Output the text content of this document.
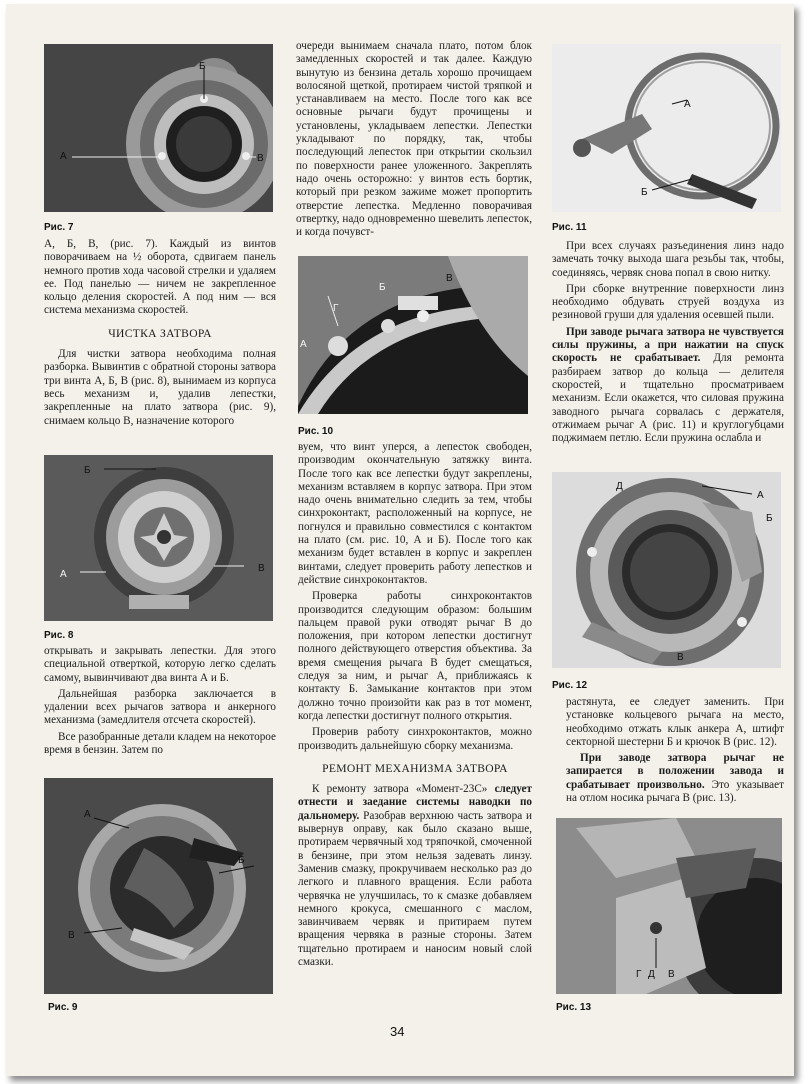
А
Б
В
Рис. 7

А, Б, В, (рис. 7). Каждый из винтов поворачиваем на ½ оборота, сдвигаем панель немного против хода часовой стрелки и удаляем ее. Под панелью — ничем не закрепленное кольцо деления скоростей. А под ним — вся система механизма скоростей.

ЧИСТКА ЗАТВОРА

Для чистки затвора необходима полная разборка. Вывинтив с обратной стороны затвора три винта А, Б, В (рис. 8), вынимаем из корпуса весь механизм и, удалив лепестки, закрепленные на плато затвора (рис. 9), снимаем кольцо В, назначение которого

Б
А
В
Рис. 8

открывать и закрывать лепестки. Для этого специальной отверткой, которую легко сделать самому, вывинчивают два винта А и Б.

Дальнейшая разборка заключается в удалении всех рычагов затвора и анкерного механизма (замедлителя отсчета скоростей).

Все разобранные детали кладем на некоторое время в бензин. Затем по

А
Б
В
Рис. 9

очереди вынимаем сначала плато, потом блок замедленных скоростей и так далее. Каждую вынутую из бензина деталь хорошо прочищаем волосяной щеткой, протираем чистой тряпкой и устанавливаем на место. После того как все основные рычаги будут прочищены и установлены, укладываем лепестки. Лепестки укладывают по порядку, так, чтобы последующий лепесток при открытии скользил по поверхности ранее уложенного. Закреплять надо очень осторожно: у винтов есть бортик, который при резком зажиме может пропортить отверстие лепестка. Медленно поворачивая отвертку, надо одновременно шевелить лепесток, и когда почувст-

А
Б
В
Г
Рис. 10

вуем, что винт уперся, а лепесток свободен, производим окончательную затяжку винта. После того как все лепестки будут закреплены, механизм вставляем в корпус затвора. При этом надо очень внимательно следить за тем, чтобы синхроконтакт, расположенный на корпусе, не погнулся и правильно совместился с контактом на плато (см. рис. 10, А и Б). После того как механизм будет вставлен в корпус и закреплен винтами, следует проверить работу лепестков и действие синхроконтактов.

Проверка работы синхроконтактов производится следующим образом: большим пальцем правой руки отводят рычаг В до положения, при котором лепестки достигнут полного действующего отверстия объектива. За время смещения рычага В будет смещаться, следуя за ним, и рычаг А, приближаясь к контакту Б. Замыкание контактов при этом должно точно произойти как раз в тот момент, когда лепестки достигнут полного открытия.

Проверив работу синхроконтактов, можно производить дальнейшую сборку механизма.

РЕМОНТ МЕХАНИЗМА ЗАТВОРА

К ремонту затвора «Момент-23С» следует отнести и заедание системы наводки по дальномеру. Разобрав верхнюю часть затвора и вывернув оправу, как было сказано выше, протираем червячный ход тряпочкой, смоченной в бензине, при этом нельзя задевать линзу. Заменив смазку, прокручиваем несколько раз до легкого и плавного вращения. Если работа червячка не улучшилась, то к смазке добавляем немного крокуса, смешанного с маслом, завинчиваем червяк и притираем путем вращения червяка в разные стороны. Затем тщательно протираем и наносим новый слой смазки.

34
А
Б
Рис. 11

При всех случаях разъединения линз надо замечать точку выхода шага резьбы так, чтобы, соединяясь, червяк снова попал в свою нитку.

При сборке внутренние поверхности линз необходимо обдувать струей воздуха из резиновой груши для удаления осевшей пыли.

При заводе рычага затвора не чувствуется силы пружины, а при нажатии на спуск скорость не срабатывает. Для ремонта разбираем затвор до кольца — делителя скоростей, и тщательно просматриваем механизм. Если окажется, что силовая пружина заводного рычага сорвалась с держателя, отжимаем рычаг А (рис. 11) и круглогубцами поджимаем петлю. Если пружина ослабла и

Д
А
Б
В
Рис. 12

растянута, ее следует заменить. При установке кольцевого рычага на место, необходимо отжать клык анкера А, штифт секторной шестерни Б и крючок В (рис. 12).

При заводе затвора рычаг не запирается в положении завода и срабатывает произвольно. Это указывает на отлом носика рычага В (рис. 13).

Г Д В
Рис. 13
